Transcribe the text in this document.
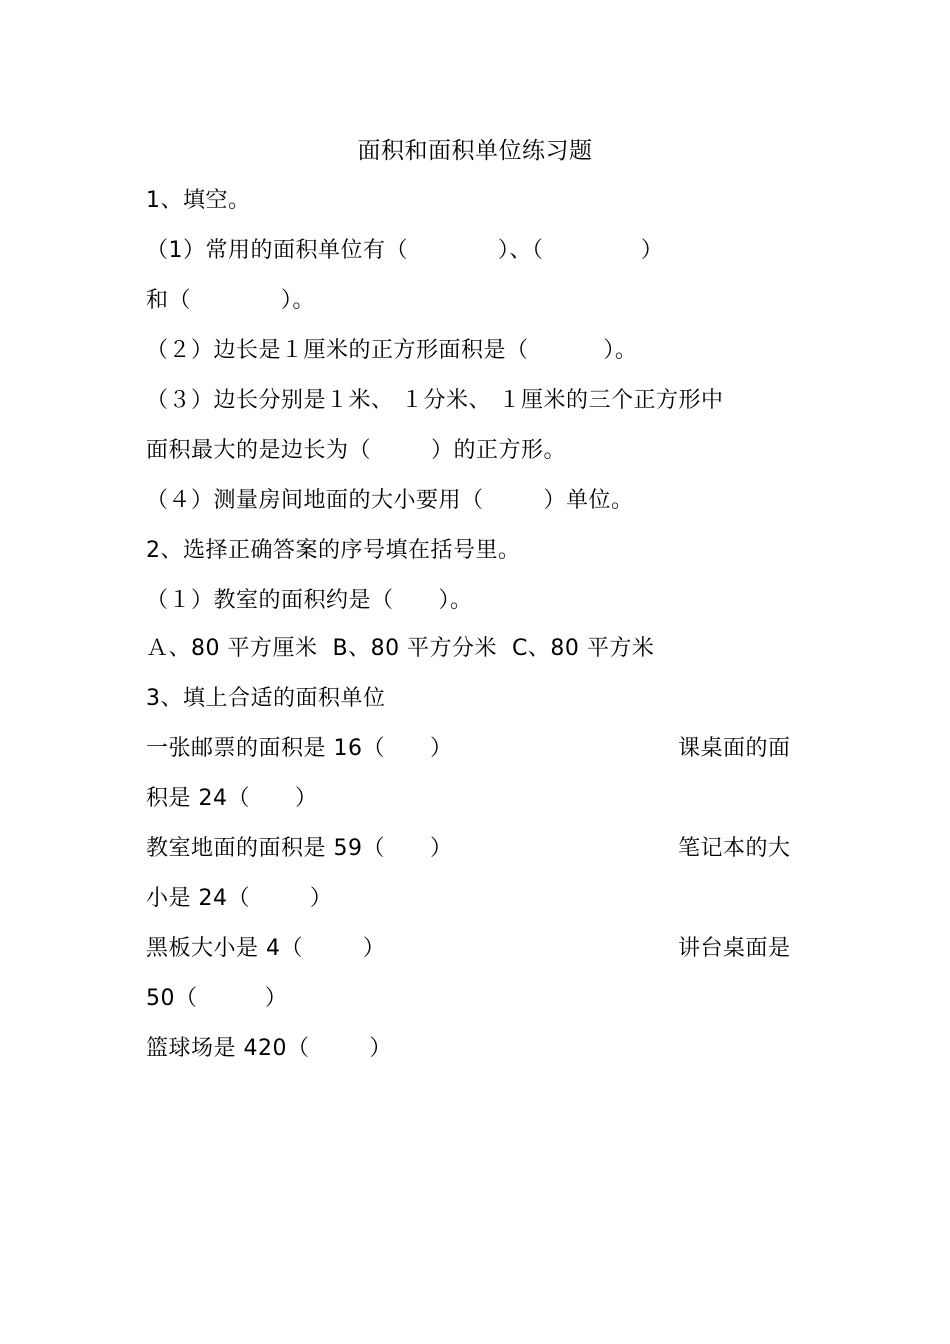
面积和面积单位练习题
1、填空。
（1）常用的面积单位有（            ）、（             ）
和（            ）。
（２）边长是１厘米的正方形面积是（          ）。
（３）边长分别是１米、 １分米、 １厘米的三个正方形中
面积最大的是边长为（        ）的正方形。
（４）测量房间地面的大小要用（        ）单位。
2、选择正确答案的序号填在括号里。
（１）教室的面积约是（      ）。
Ａ、80 平方厘米  B、80 平方分米  C、80 平方米
3、填上合适的面积单位
一张邮票的面积是 16（      ）	课桌面的面
积是 24（      ）
教室地面的面积是 59（      ）	笔记本的大
小是 24（        ）
黑板大小是 4（        ）	讲台桌面是
50（         ）
篮球场是 420（        ）
